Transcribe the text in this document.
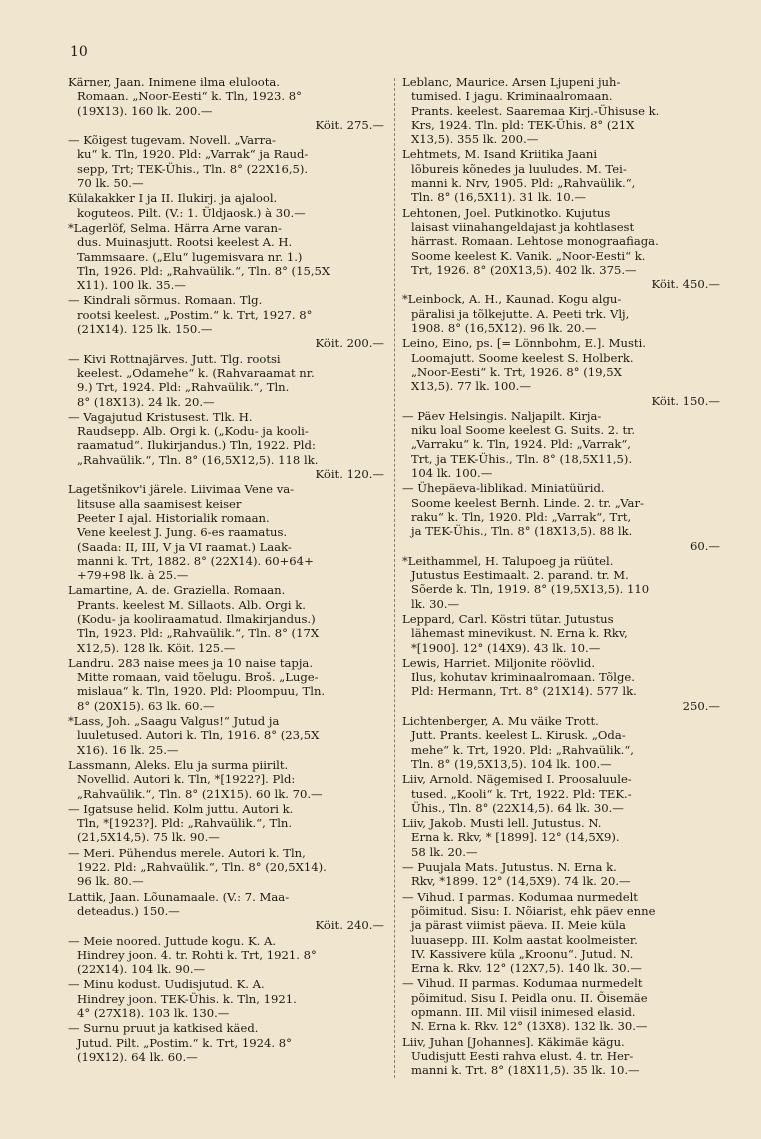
10
Kärner, Jaan. Inimene ilma eluloota.
Romaan. „Noor-Eesti“ k. Tln, 1923. 8°
(19X13). 160 lk. 200.—
Köit. 275.—
— Kõigest tugevam. Novell. „Varra-
ku“ k. Tln, 1920. Pld: „Varrak“ ja Raud-
sepp, Trt; TEK-Ühis., Tln. 8° (22X16,5).
70 lk. 50.—
Külakakker I ja II. Ilukirj. ja ajalool.
koguteos. Pilt. (V.: 1. Üldjaosk.) à 30.—
*Lagerlöf, Selma. Härra Arne varan-
dus. Muinasjutt. Rootsi keelest A. H.
Tammsaare. („Elu“ lugemisvara nr. 1.)
Tln, 1926. Pld: „Rahvaülik.“, Tln. 8° (15,5X
X11). 100 lk. 35.—
— Kindrali sõrmus. Romaan. Tlg.
rootsi keelest. „Postim.“ k. Trt, 1927. 8°
(21X14). 125 lk. 150.—
Köit. 200.—
— Kivi Rottnajärves. Jutt. Tlg. rootsi
keelest. „Odamehe“ k. (Rahvaraamat nr.
9.) Trt, 1924. Pld: „Rahvaülik.“, Tln.
8° (18X13). 24 lk. 20.—
— Vagajutud Kristusest. Tlk. H.
Raudsepp. Alb. Orgi k. („Kodu- ja kooli-
raamatud“. Ilukirjandus.) Tln, 1922. Pld:
„Rahvaülik.“, Tln. 8° (16,5X12,5). 118 lk.
Köit. 120.—
Lagetšnikov'i järele. Liivimaa Vene va-
litsuse alla saamisest keiser
Peeter I ajal. Historialik romaan.
Vene keelest J. Jung. 6-es raamatus.
(Saada: II, III, V ja VI raamat.) Laak-
manni k. Trt, 1882. 8° (22X14). 60+64+
+79+98 lk. à 25.—
Lamartine, A. de. Graziella. Romaan.
Prants. keelest M. Sillaots. Alb. Orgi k.
(Kodu- ja kooliraamatud. Ilmakirjandus.)
Tln, 1923. Pld: „Rahvaülik.“, Tln. 8° (17X
X12,5). 128 lk. Köit. 125.—
Landru. 283 naise mees ja 10 naise tapja.
Mitte romaan, vaid tõelugu. Broš. „Luge-
mislaua“ k. Tln, 1920. Pld: Ploompuu, Tln.
8° (20X15). 63 lk. 60.—
*Lass, Joh. „Saagu Valgus!“ Jutud ja
luuletused. Autori k. Tln, 1916. 8° (23,5X
X16). 16 lk. 25.—
Lassmann, Aleks. Elu ja surma piirilt.
Novellid. Autori k. Tln, *[1922?]. Pld:
„Rahvaülik.“, Tln. 8° (21X15). 60 lk. 70.—
— Igatsuse helid. Kolm juttu. Autori k.
Tln, *[1923?]. Pld: „Rahvaülik.“, Tln.
(21,5X14,5). 75 lk. 90.—
— Meri. Pühendus merele. Autori k. Tln,
1922. Pld: „Rahvaülik.“, Tln. 8° (20,5X14).
96 lk. 80.—
Lattik, Jaan. Lõunamaale. (V.: 7. Maa-
deteadus.) 150.—
Köit. 240.—
— Meie noored. Juttude kogu. K. A.
Hindrey joon. 4. tr. Rohti k. Trt, 1921. 8°
(22X14). 104 lk. 90.—
— Minu kodust. Uudisjutud. K. A.
Hindrey joon. TEK-Ühis. k. Tln, 1921.
4° (27X18). 103 lk. 130.—
— Surnu pruut ja katkised käed.
Jutud. Pilt. „Postim.“ k. Trt, 1924. 8°
(19X12). 64 lk. 60.—
Leblanc, Maurice. Arsen Ljupeni juh-
tumised. I jagu. Kriminaalromaan.
Prants. keelest. Saaremaa Kirj.-Ühisuse k.
Krs, 1924. Tln. pld: TEK-Ühis. 8° (21X
X13,5). 355 lk. 200.—
Lehtmets, M. Isand Kriitika Jaani
lõbureis kõnedes ja luuludes. M. Tei-
manni k. Nrv, 1905. Pld: „Rahvaülik.“,
Tln. 8° (16,5X11). 31 lk. 10.—
Lehtonen, Joel. Putkinotko. Kujutus
laisast viinahangeldajast ja kohtlasest
härrast. Romaan. Lehtose monograafiaga.
Soome keelest K. Vanik. „Noor-Eesti“ k.
Trt, 1926. 8° (20X13,5). 402 lk. 375.—
Köit. 450.—
*Leinbock, A. H., Kaunad. Kogu algu-
päralisi ja tõlkejutte. A. Peeti trk. Vlj,
1908. 8° (16,5X12). 96 lk. 20.—
Leino, Eino, ps. [= Lönnbohm, E.]. Musti.
Loomajutt. Soome keelest S. Holberk.
„Noor-Eesti“ k. Trt, 1926. 8° (19,5X
X13,5). 77 lk. 100.—
Köit. 150.—
— Päev Helsingis. Naljapilt. Kirja-
niku loal Soome keelest G. Suits. 2. tr.
„Varraku“ k. Tln, 1924. Pld: „Varrak“,
Trt, ja TEK-Ühis., Tln. 8° (18,5X11,5).
104 lk. 100.—
— Ühepäeva-liblikad. Miniatüürid.
Soome keelest Bernh. Linde. 2. tr. „Var-
raku“ k. Tln, 1920. Pld: „Varrak“, Trt,
ja TEK-Ühis., Tln. 8° (18X13,5). 88 lk.
60.—
*Leithammel, H. Talupoeg ja rüütel.
Jutustus Eestimaalt. 2. parand. tr. M.
Sõerde k. Tln, 1919. 8° (19,5X13,5). 110
lk. 30.—
Leppard, Carl. Köstri tütar. Jutustus
lähemast minevikust. N. Erna k. Rkv,
*[1900]. 12° (14X9). 43 lk. 10.—
Lewis, Harriet. Miljonite röövlid.
Ilus, kohutav kriminaalromaan. Tõlge.
Pld: Hermann, Trt. 8° (21X14). 577 lk.
250.—
Lichtenberger, A. Mu väike Trott.
Jutt. Prants. keelest L. Kirusk. „Oda-
mehe“ k. Trt, 1920. Pld: „Rahvaülik.“,
Tln. 8° (19,5X13,5). 104 lk. 100.—
Liiv, Arnold. Nägemised I. Proosaluule-
tused. „Kooli“ k. Trt, 1922. Pld: TEK.-
Ühis., Tln. 8° (22X14,5). 64 lk. 30.—
Liiv, Jakob. Musti lell. Jutustus. N.
Erna k. Rkv, * [1899]. 12° (14,5X9).
58 lk. 20.—
— Puujala Mats. Jutustus. N. Erna k.
Rkv, *1899. 12° (14,5X9). 74 lk. 20.—
— Vihud. I parmas. Kodumaa nurmedelt
põimitud. Sisu: I. Nõiarist, ehk päev enne
ja pärast viimist päeva. II. Meie küla
luuasepp. III. Kolm aastat koolmeister.
IV. Kassivere küla „Kroonu“. Jutud. N.
Erna k. Rkv. 12° (12X7,5). 140 lk. 30.—
— Vihud. II parmas. Kodumaa nurmedelt
põimitud. Sisu I. Peidla onu. II. Õisemäe
opmann. III. Mil viisil inimesed elasid.
N. Erna k. Rkv. 12° (13X8). 132 lk. 30.—
Liiv, Juhan [Johannes]. Käkimäe kägu.
Uudisjutt Eesti rahva elust. 4. tr. Her-
manni k. Trt. 8° (18X11,5). 35 lk. 10.—
